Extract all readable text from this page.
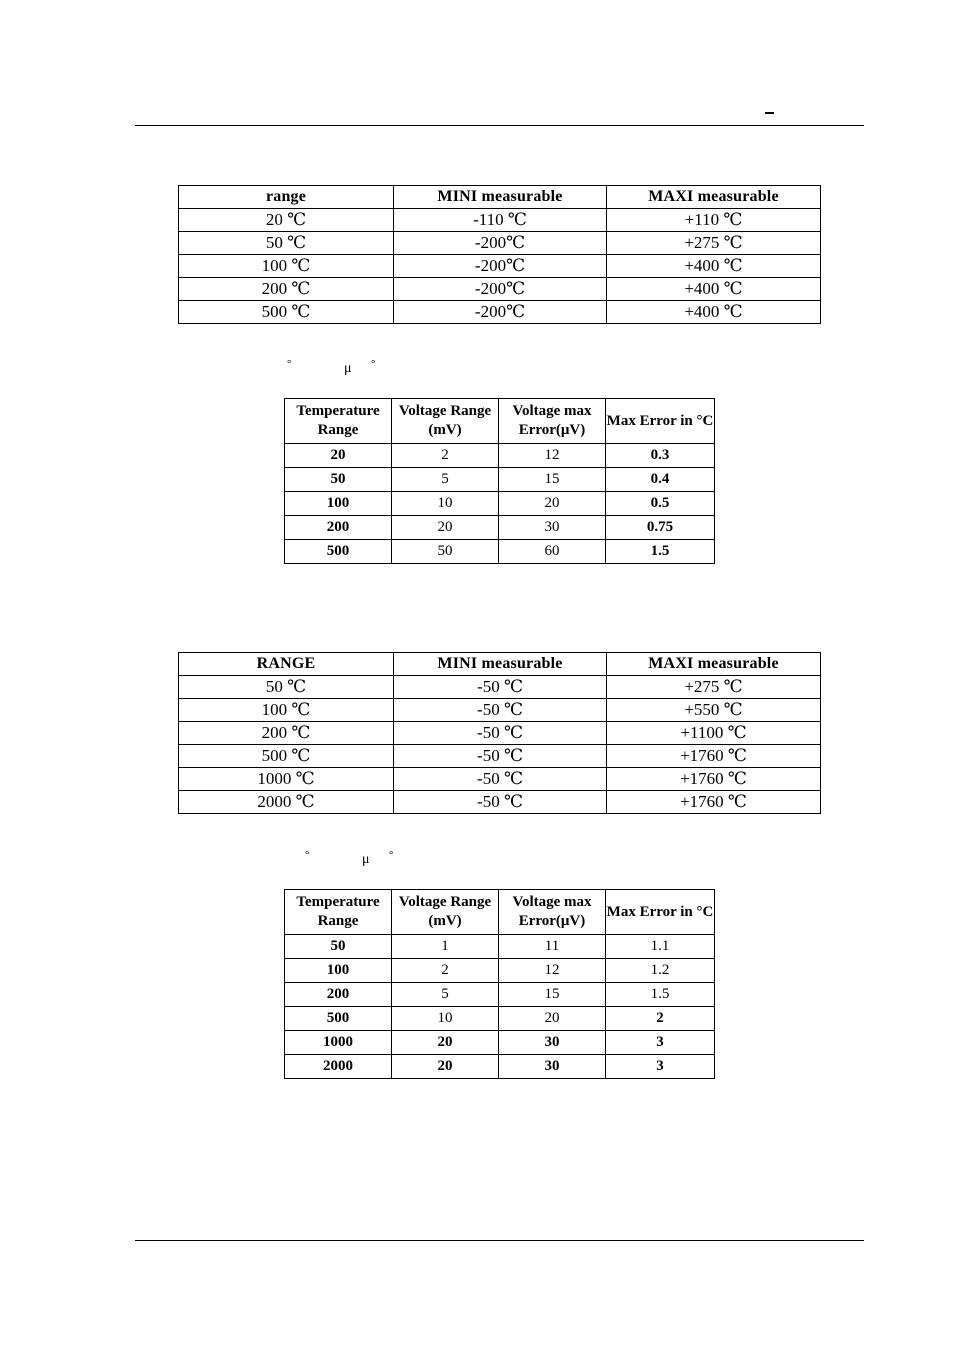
range	MINI measurable	MAXI measurable
20 ℃	-110 ℃	+110 ℃
50 ℃	-200℃	+275 ℃
100 ℃	-200℃	+400 ℃
200 ℃	-200℃	+400 ℃
500 ℃	-200℃	+400 ℃
°	μ °
Temperature Range	Voltage Range (mV)	Voltage max Error(μV)	Max Error in °C
20	2	12	0.3
50	5	15	0.4
100	10	20	0.5
200	20	30	0.75
500	50	60	1.5
RANGE	MINI measurable	MAXI measurable
50 ℃	-50 ℃	+275 ℃
100 ℃	-50 ℃	+550 ℃
200 ℃	-50 ℃	+1100 ℃
500 ℃	-50 ℃	+1760 ℃
1000 ℃	-50 ℃	+1760 ℃
2000 ℃	-50 ℃	+1760 ℃
°	μ °
Temperature Range	Voltage Range (mV)	Voltage max Error(μV)	Max Error in °C
50	1	11	1.1
100	2	12	1.2
200	5	15	1.5
500	10	20	2
1000	20	30	3
2000	20	30	3
